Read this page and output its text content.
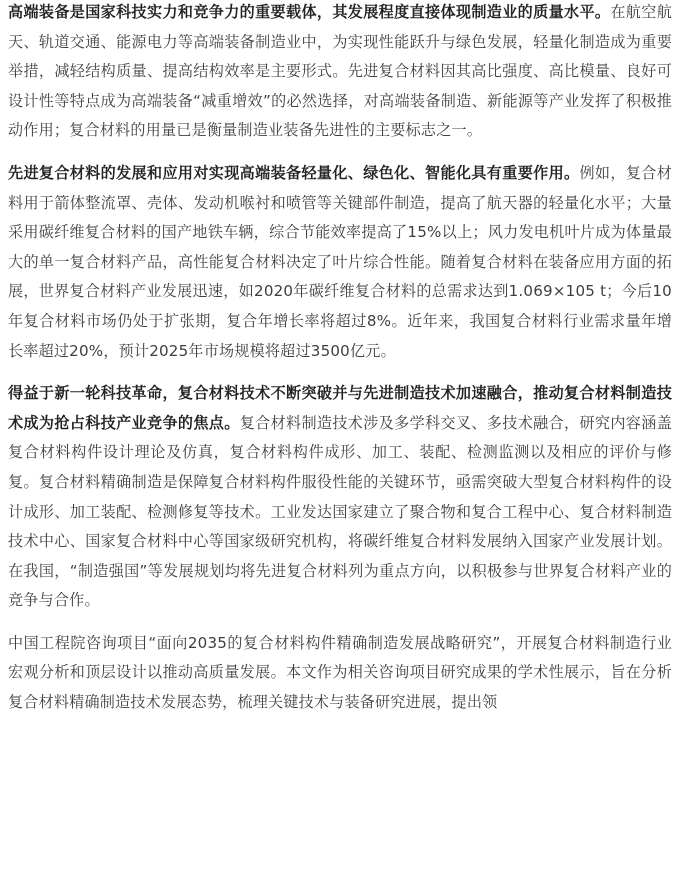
高端装备是国家科技实力和竞争力的重要载体，其发展程度直接体现制造业的质量水平。在航空航天、轨道交通、能源电力等高端装备制造业中，为实现性能跃升与绿色发展，轻量化制造成为重要举措，减轻结构质量、提高结构效率是主要形式。先进复合材料因其高比强度、高比模量、良好可设计性等特点成为高端装备“减重增效”的必然选择，对高端装备制造、新能源等产业发挥了积极推动作用；复合材料的用量已是衡量制造业装备先进性的主要标志之一。

先进复合材料的发展和应用对实现高端装备轻量化、绿色化、智能化具有重要作用。例如，复合材料用于箭体整流罩、壳体、发动机喉衬和喷管等关键部件制造，提高了航天器的轻量化水平；大量采用碳纤维复合材料的国产地铁车辆，综合节能效率提高了15%以上；风力发电机叶片成为体量最大的单一复合材料产品，高性能复合材料决定了叶片综合性能。随着复合材料在装备应用方面的拓展，世界复合材料产业发展迅速，如2020年碳纤维复合材料的总需求达到1.069×105 t；今后10年复合材料市场仍处于扩张期，复合年增长率将超过8%。近年来，我国复合材料行业需求量年增长率超过20%，预计2025年市场规模将超过3500亿元。

得益于新一轮科技革命，复合材料技术不断突破并与先进制造技术加速融合，推动复合材料制造技术成为抢占科技产业竞争的焦点。复合材料制造技术涉及多学科交叉、多技术融合，研究内容涵盖复合材料构件设计理论及仿真，复合材料构件成形、加工、装配、检测监测以及相应的评价与修复。复合材料精确制造是保障复合材料构件服役性能的关键环节，亟需突破大型复合材料构件的设计成形、加工装配、检测修复等技术。工业发达国家建立了聚合物和复合工程中心、复合材料制造技术中心、国家复合材料中心等国家级研究机构，将碳纤维复合材料发展纳入国家产业发展计划。在我国，“制造强国”等发展规划均将先进复合材料列为重点方向，以积极参与世界复合材料产业的竞争与合作。

中国工程院咨询项目“面向2035的复合材料构件精确制造发展战略研究”，开展复合材料制造行业宏观分析和顶层设计以推动高质量发展。本文作为相关咨询项目研究成果的学术性展示，旨在分析复合材料精确制造技术发展态势，梳理关键技术与装备研究进展，提出领
